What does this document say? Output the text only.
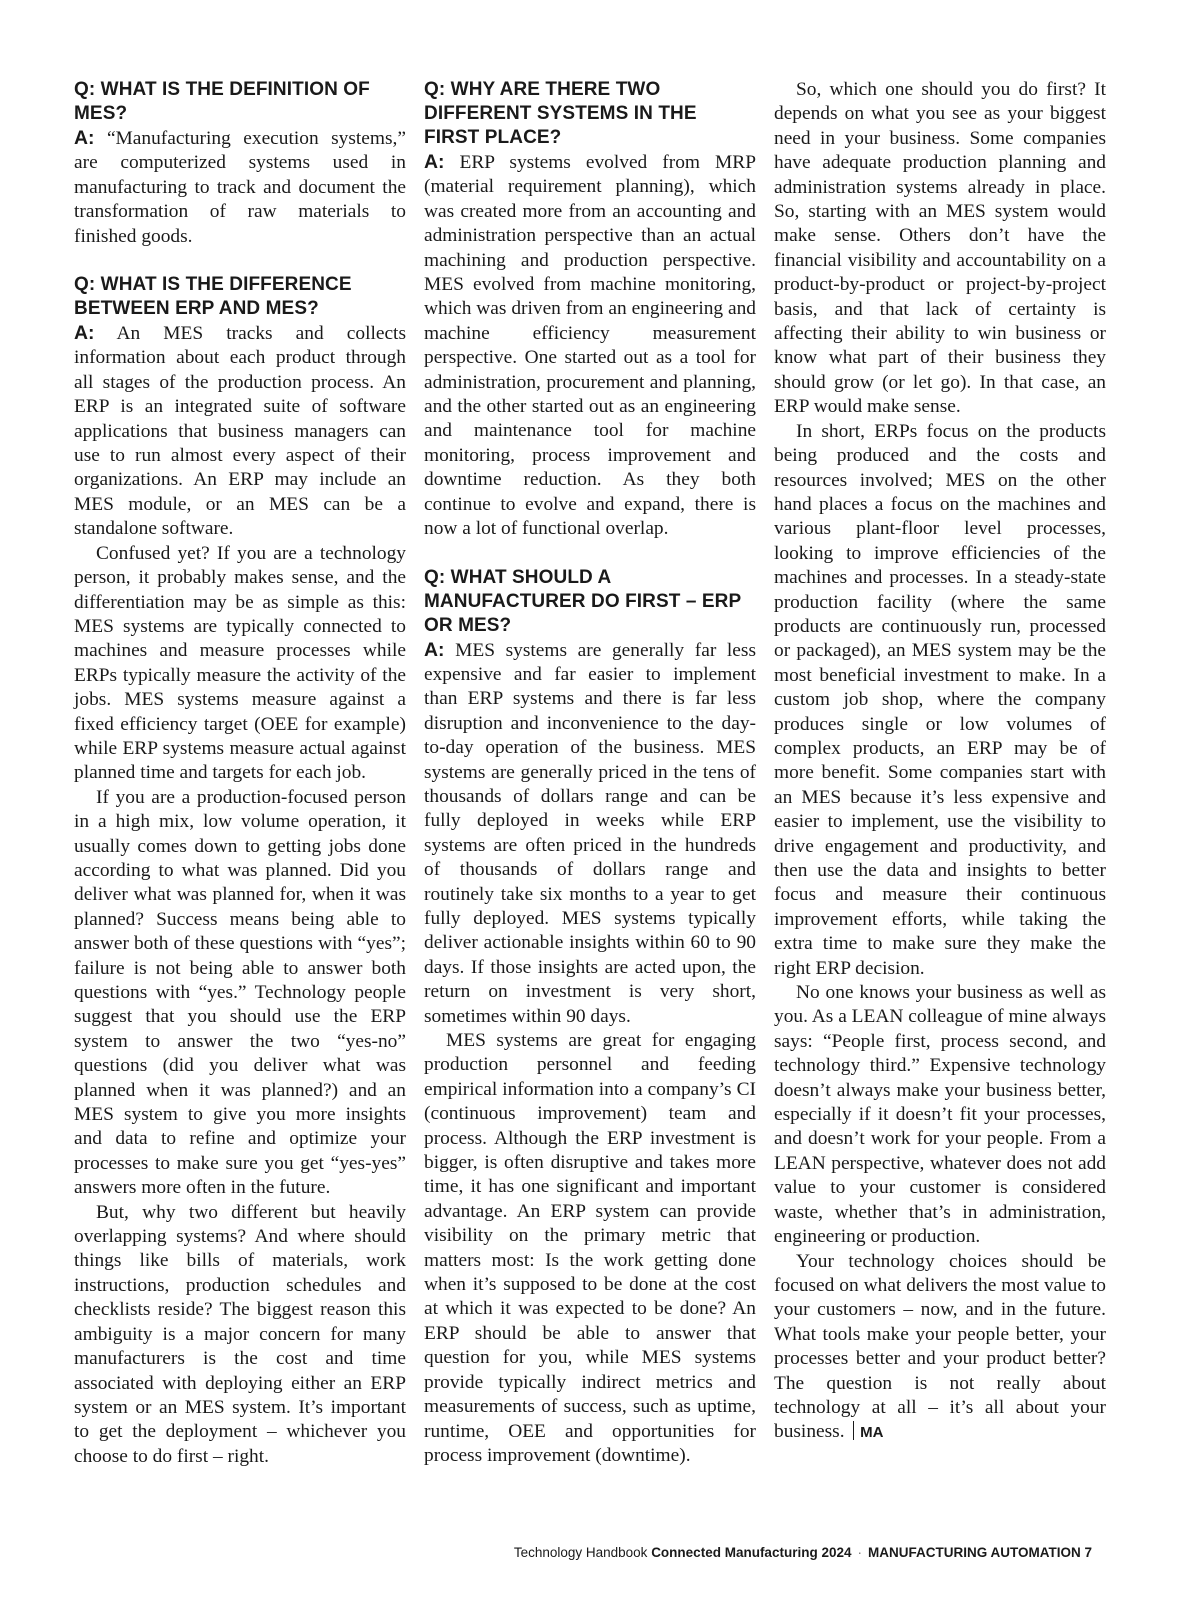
Q: WHAT IS THE DEFINITION OF MES?

A: “Manufacturing execution systems,” are computerized systems used in manufacturing to track and document the transformation of raw materials to finished goods.

Q: WHAT IS THE DIFFERENCE BETWEEN ERP AND MES?

A: An MES tracks and collects information about each product through all stages of the production process. An ERP is an integrated suite of software applications that business managers can use to run almost every aspect of their organizations. An ERP may include an MES module, or an MES can be a standalone software.

Confused yet? If you are a technology person, it probably makes sense, and the differentiation may be as simple as this: MES systems are typically connected to machines and measure processes while ERPs typically measure the activity of the jobs. MES systems measure against a fixed efficiency target (OEE for example) while ERP systems measure actual against planned time and targets for each job.

If you are a production-focused person in a high mix, low volume operation, it usually comes down to getting jobs done according to what was planned. Did you deliver what was planned for, when it was planned? Success means being able to answer both of these questions with “yes”; failure is not being able to answer both questions with “yes.” Technology people suggest that you should use the ERP system to answer the two “yes-no” questions (did you deliver what was planned when it was planned?) and an MES system to give you more insights and data to refine and optimize your processes to make sure you get “yes-yes” answers more often in the future.

But, why two different but heavily overlapping systems? And where should things like bills of materials, work instructions, production schedules and checklists reside? The biggest reason this ambiguity is a major concern for many manufacturers is the cost and time associated with deploying either an ERP system or an MES system. It’s important to get the deployment – whichever you choose to do first – right.

Q: WHY ARE THERE TWO DIFFERENT SYSTEMS IN THE FIRST PLACE?

A: ERP systems evolved from MRP (material requirement planning), which was created more from an accounting and administration perspective than an actual machining and production perspective. MES evolved from machine monitoring, which was driven from an engineering and machine efficiency measurement perspective. One started out as a tool for administration, procurement and planning, and the other started out as an engineering and maintenance tool for machine monitoring, process improvement and downtime reduction. As they both continue to evolve and expand, there is now a lot of functional overlap.

Q: WHAT SHOULD A MANUFACTURER DO FIRST – ERP OR MES?

A: MES systems are generally far less expensive and far easier to implement than ERP systems and there is far less disruption and inconvenience to the day-to-day operation of the business. MES systems are generally priced in the tens of thousands of dollars range and can be fully deployed in weeks while ERP systems are often priced in the hundreds of thousands of dollars range and routinely take six months to a year to get fully deployed. MES systems typically deliver actionable insights within 60 to 90 days. If those insights are acted upon, the return on investment is very short, sometimes within 90 days.

MES systems are great for engaging production personnel and feeding empirical information into a company’s CI (continuous improvement) team and process. Although the ERP investment is bigger, is often disruptive and takes more time, it has one significant and important advantage. An ERP system can provide visibility on the primary metric that matters most: Is the work getting done when it’s supposed to be done at the cost at which it was expected to be done? An ERP should be able to answer that question for you, while MES systems provide typically indirect metrics and measurements of success, such as uptime, runtime, OEE and opportunities for process improvement (downtime).

So, which one should you do first? It depends on what you see as your biggest need in your business. Some companies have adequate production planning and administration systems already in place. So, starting with an MES system would make sense. Others don’t have the financial visibility and accountability on a product-by-product or project-by-project basis, and that lack of certainty is affecting their ability to win business or know what part of their business they should grow (or let go). In that case, an ERP would make sense.

In short, ERPs focus on the products being produced and the costs and resources involved; MES on the other hand places a focus on the machines and various plant-floor level processes, looking to improve efficiencies of the machines and processes. In a steady-state production facility (where the same products are continuously run, processed or packaged), an MES system may be the most beneficial investment to make. In a custom job shop, where the company produces single or low volumes of complex products, an ERP may be of more benefit. Some companies start with an MES because it’s less expensive and easier to implement, use the visibility to drive engagement and productivity, and then use the data and insights to better focus and measure their continuous improvement efforts, while taking the extra time to make sure they make the right ERP decision.

No one knows your business as well as you. As a LEAN colleague of mine always says: “People first, process second, and technology third.” Expensive technology doesn’t always make your business better, especially if it doesn’t fit your processes, and doesn’t work for your people. From a LEAN perspective, whatever does not add value to your customer is considered waste, whether that’s in administration, engineering or production.

Your technology choices should be focused on what delivers the most value to your customers – now, and in the future. What tools make your people better, your processes better and your product better? The question is not really about technology at all – it’s all about your business. MA

Technology Handbook Connected Manufacturing 2024 · MANUFACTURING AUTOMATION 7
